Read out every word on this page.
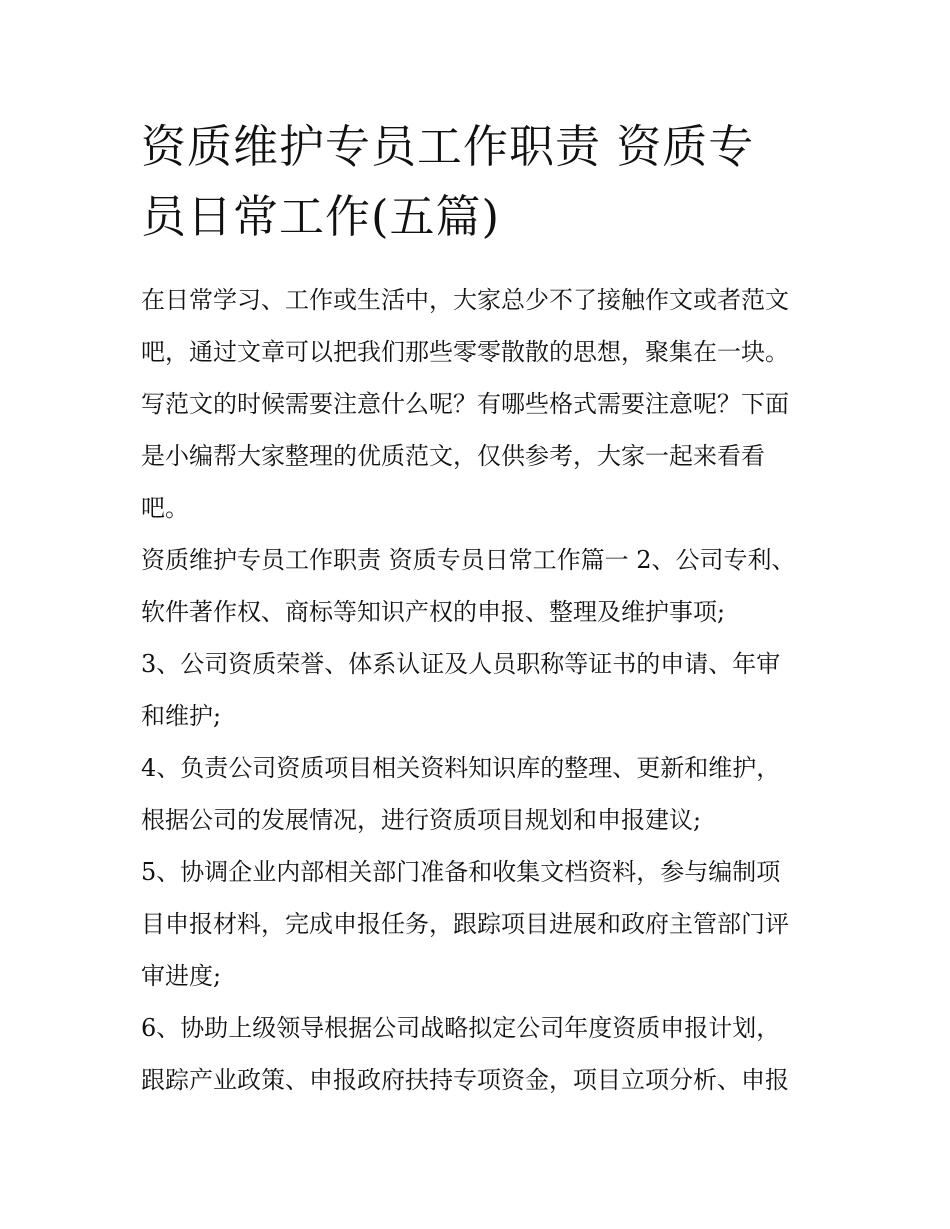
资质维护专员工作职责 资质专
员日常工作(五篇)

在日常学习、工作或生活中，大家总少不了接触作文或者范文
吧，通过文章可以把我们那些零零散散的思想，聚集在一块。
写范文的时候需要注意什么呢？有哪些格式需要注意呢？下面
是小编帮大家整理的优质范文，仅供参考，大家一起来看看
吧。

资质维护专员工作职责 资质专员日常工作篇一 2、公司专利、
软件著作权、商标等知识产权的申报、整理及维护事项;

3、公司资质荣誉、体系认证及人员职称等证书的申请、年审
和维护;

4、负责公司资质项目相关资料知识库的整理、更新和维护，
根据公司的发展情况，进行资质项目规划和申报建议;

5、协调企业内部相关部门准备和收集文档资料，参与编制项
目申报材料，完成申报任务，跟踪项目进展和政府主管部门评
审进度;

6、协助上级领导根据公司战略拟定公司年度资质申报计划，
跟踪产业政策、申报政府扶持专项资金，项目立项分析、申报
